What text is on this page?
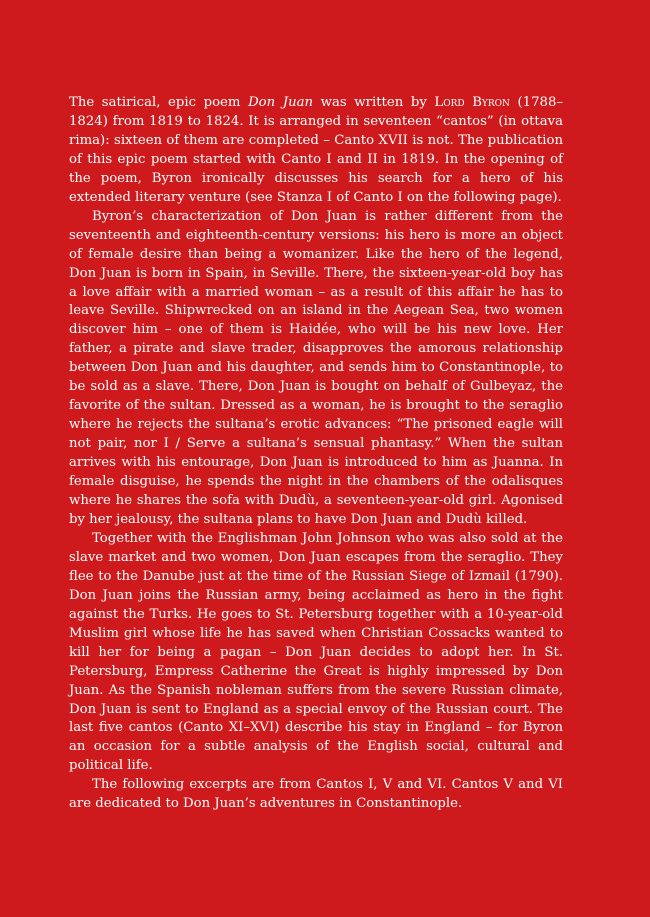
The satirical, epic poem Don Juan was written by Lord Byron (1788–1824) from 1819 to 1824. It is arranged in seventeen “cantos” (in ottava rima): sixteen of them are completed – Canto XVII is not. The publication of this epic poem started with Canto I and II in 1819. In the opening of the poem, Byron ironically discusses his search for a hero of his extended literary venture (see Stanza I of Canto I on the following page).

Byron’s characterization of Don Juan is rather different from the seventeenth and eighteenth-century versions: his hero is more an object of female desire than being a womanizer. Like the hero of the legend, Don Juan is born in Spain, in Seville. There, the sixteen-year-old boy has a love affair with a married woman – as a result of this affair he has to leave Seville. Shipwrecked on an island in the Aegean Sea, two women discover him – one of them is Haidée, who will be his new love. Her father, a pirate and slave trader, disapproves the amorous relationship between Don Juan and his daughter, and sends him to Constantinople, to be sold as a slave. There, Don Juan is bought on behalf of Gulbeyaz, the favorite of the sultan. Dressed as a woman, he is brought to the seraglio where he rejects the sultana’s erotic advances: “The prisoned eagle will not pair, nor I / Serve a sultana’s sensual phantasy.” When the sultan arrives with his entourage, Don Juan is introduced to him as Juanna. In female disguise, he spends the night in the chambers of the odalisques where he shares the sofa with Dudù, a seventeen-year-old girl. Agonised by her jealousy, the sultana plans to have Don Juan and Dudù killed.

Together with the Englishman John Johnson who was also sold at the slave market and two women, Don Juan escapes from the seraglio. They flee to the Danube just at the time of the Russian Siege of Izmail (1790). Don Juan joins the Russian army, being acclaimed as hero in the fight against the Turks. He goes to St. Petersburg together with a 10-year-old Muslim girl whose life he has saved when Christian Cossacks wanted to kill her for being a pagan – Don Juan decides to adopt her. In St. Petersburg, Empress Catherine the Great is highly impressed by Don Juan. As the Spanish nobleman suffers from the severe Russian climate, Don Juan is sent to England as a special envoy of the Russian court. The last five cantos (Canto XI–XVI) describe his stay in England – for Byron an occasion for a subtle analysis of the English social, cultural and political life.

The following excerpts are from Cantos I, V and VI. Cantos V and VI are dedicated to Don Juan’s adventures in Constantinople.
